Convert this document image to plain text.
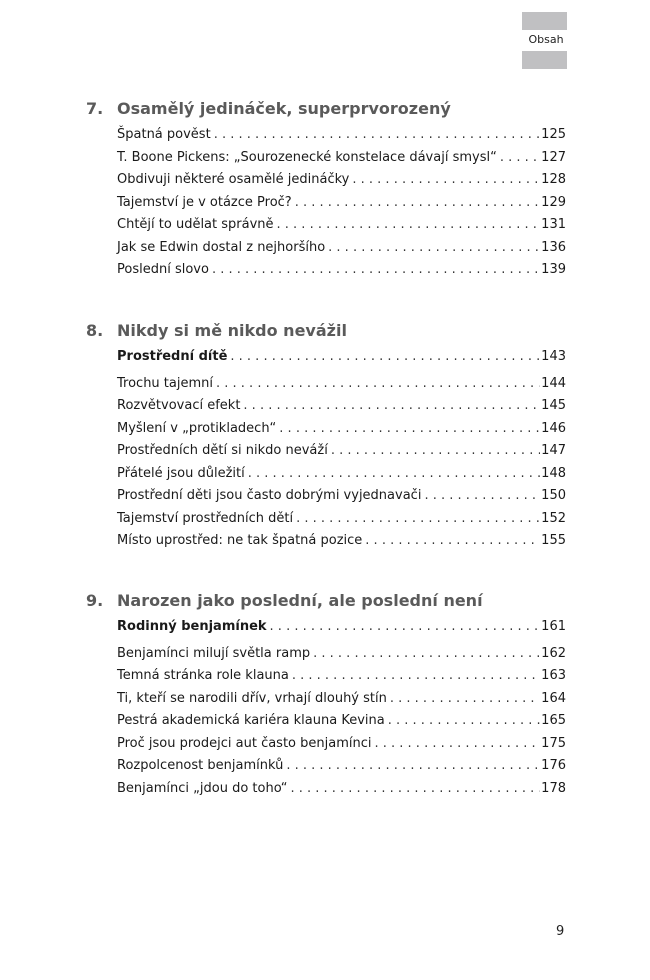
Obsah
7. Osamělý jedináček, superprvorozený
Špatná pověst . . .	125
T. Boone Pickens: „Sourozenecké konstelace dávají smysl“ . . .	127
Obdivuji některé osamělé jedináčky . . .	128
Tajemství je v otázce Proč? . . .	129
Chtějí to udělat správně . . .	131
Jak se Edwin dostal z nejhoršího . . .	136
Poslední slovo . . .	139
8. Nikdy si mě nikdo nevážil
Prostřední dítě . . .	143
Trochu tajemní . . .	144
Rozvětvovací efekt . . .	145
Myšlení v „protikladech“ . . .	146
Prostředních dětí si nikdo neváží . . .	147
Přátelé jsou důležití . . .	148
Prostřední děti jsou často dobrými vyjednavači . . .	150
Tajemství prostředních dětí . . .	152
Místo uprostřed: ne tak špatná pozice . . .	155
9. Narozen jako poslední, ale poslední není
Rodinný benjamínek . . .	161
Benjamínci milují světla ramp . . .	162
Temná stránka role klauna . . .	163
Ti, kteří se narodili dřív, vrhají dlouhý stín . . .	164
Pestrá akademická kariéra klauna Kevina . . .	165
Proč jsou prodejci aut často benjamínci . . .	175
Rozpolcenost benjamínků . . .	176
Benjamínci „jdou do toho“ . . .	178
9
